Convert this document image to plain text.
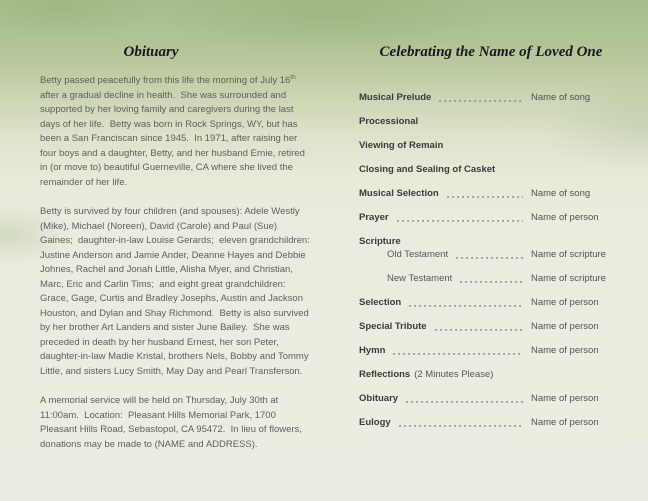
Obituary

Betty passed peacefully from this life the morning of July 16th after a gradual decline in health.  She was surrounded and supported by her loving family and caregivers during the last days of her life.  Betty was born in Rock Springs, WY, but has been a San Franciscan since 1945.  In 1971, after raising her four boys and a daughter, Betty, and her husband Ernie, retired in (or move to) beautiful Guerneville, CA where she lived the remainder of her life.

Betty is survived by four children (and spouses): Adele Westly (Mike), Michael (Noreen), David (Carole) and Paul (Sue) Gaines;  daughter-in-law Louise Gerards;  eleven grandchildren: Justine Anderson and Jamie Ander, Deanne Hayes and Debbie Johnes, Rachel and Jonah Little, Alisha Myer, and Christian, Marc, Eric and Carlin Tims;  and eight great grandchildren: Grace, Gage, Curtis and Bradley Josephs, Austin and Jackson Houston, and Dylan and Shay Richmond.  Betty is also survived by her brother Art Landers and sister June Bailey.  She was preceded in death by her husband Ernest, her son Peter, daughter-in-law Madie Kristal, brothers Nels, Bobby and Tommy Little, and sisters Lucy Smith, May Day and Pearl Transferson.

A memorial service will be held on Thursday, July 30th at 11:00am.  Location:  Pleasant Hills Memorial Park, 1700 Pleasant Hills Road, Sebastopol, CA 95472.  In lieu of flowers, donations may be made to (NAME and ADDRESS).

Celebrating the Name of Loved One
Musical Prelude	Name of song
Processional
Viewing of Remain
Closing and Sealing of Casket
Musical Selection	Name of song
Prayer	Name of person
Scripture
Old Testament	Name of scripture
New Testament	Name of scripture
Selection	Name of person
Special Tribute	Name of person
Hymn	Name of person
Reflections (2 Minutes Please)
Obituary	Name of person
Eulogy	Name of person
